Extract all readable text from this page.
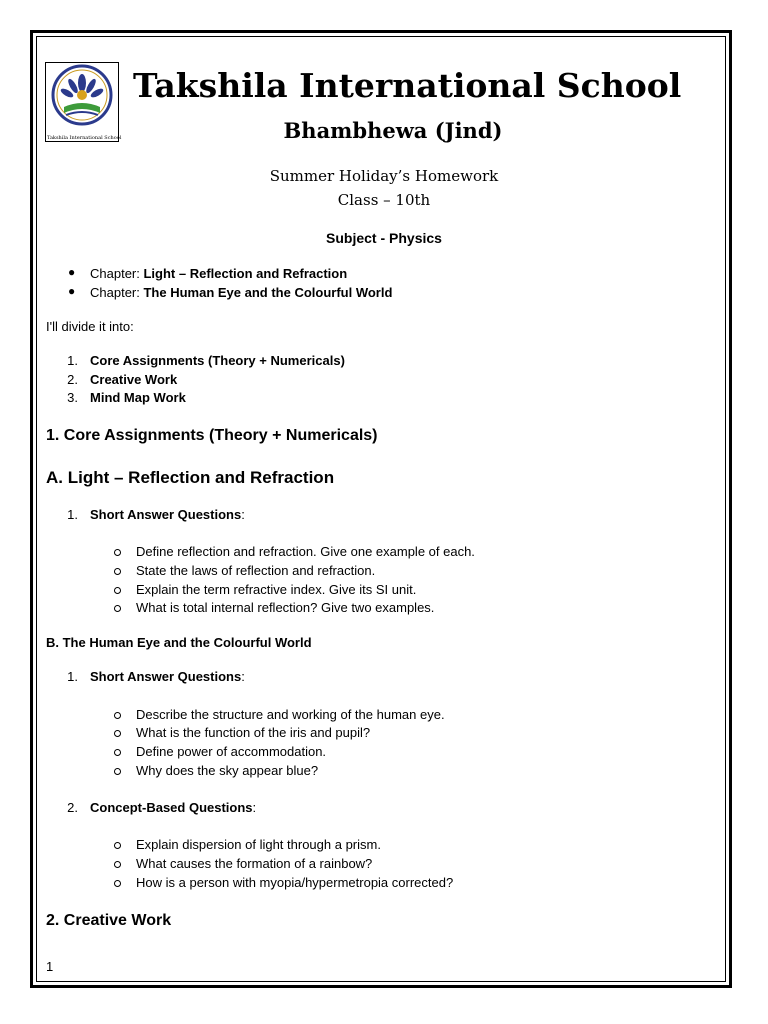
Takshila International School
Takshila International School
Bhambhewa (Jind)
Summer Holiday’s Homework
Class – 10th
Subject - Physics
● Chapter: Light – Reflection and Refraction
● Chapter: The Human Eye and the Colourful World
I'll divide it into:
1. Core Assignments (Theory + Numericals)
2. Creative Work
3. Mind Map Work
1. Core Assignments (Theory + Numericals)
A. Light – Reflection and Refraction
1. Short Answer Questions:
Define reflection and refraction. Give one example of each.
State the laws of reflection and refraction.
Explain the term refractive index. Give its SI unit.
What is total internal reflection? Give two examples.
B. The Human Eye and the Colourful World
1. Short Answer Questions:
Describe the structure and working of the human eye.
What is the function of the iris and pupil?
Define power of accommodation.
Why does the sky appear blue?
2. Concept-Based Questions:
Explain dispersion of light through a prism.
What causes the formation of a rainbow?
How is a person with myopia/hypermetropia corrected?
2. Creative Work
1
